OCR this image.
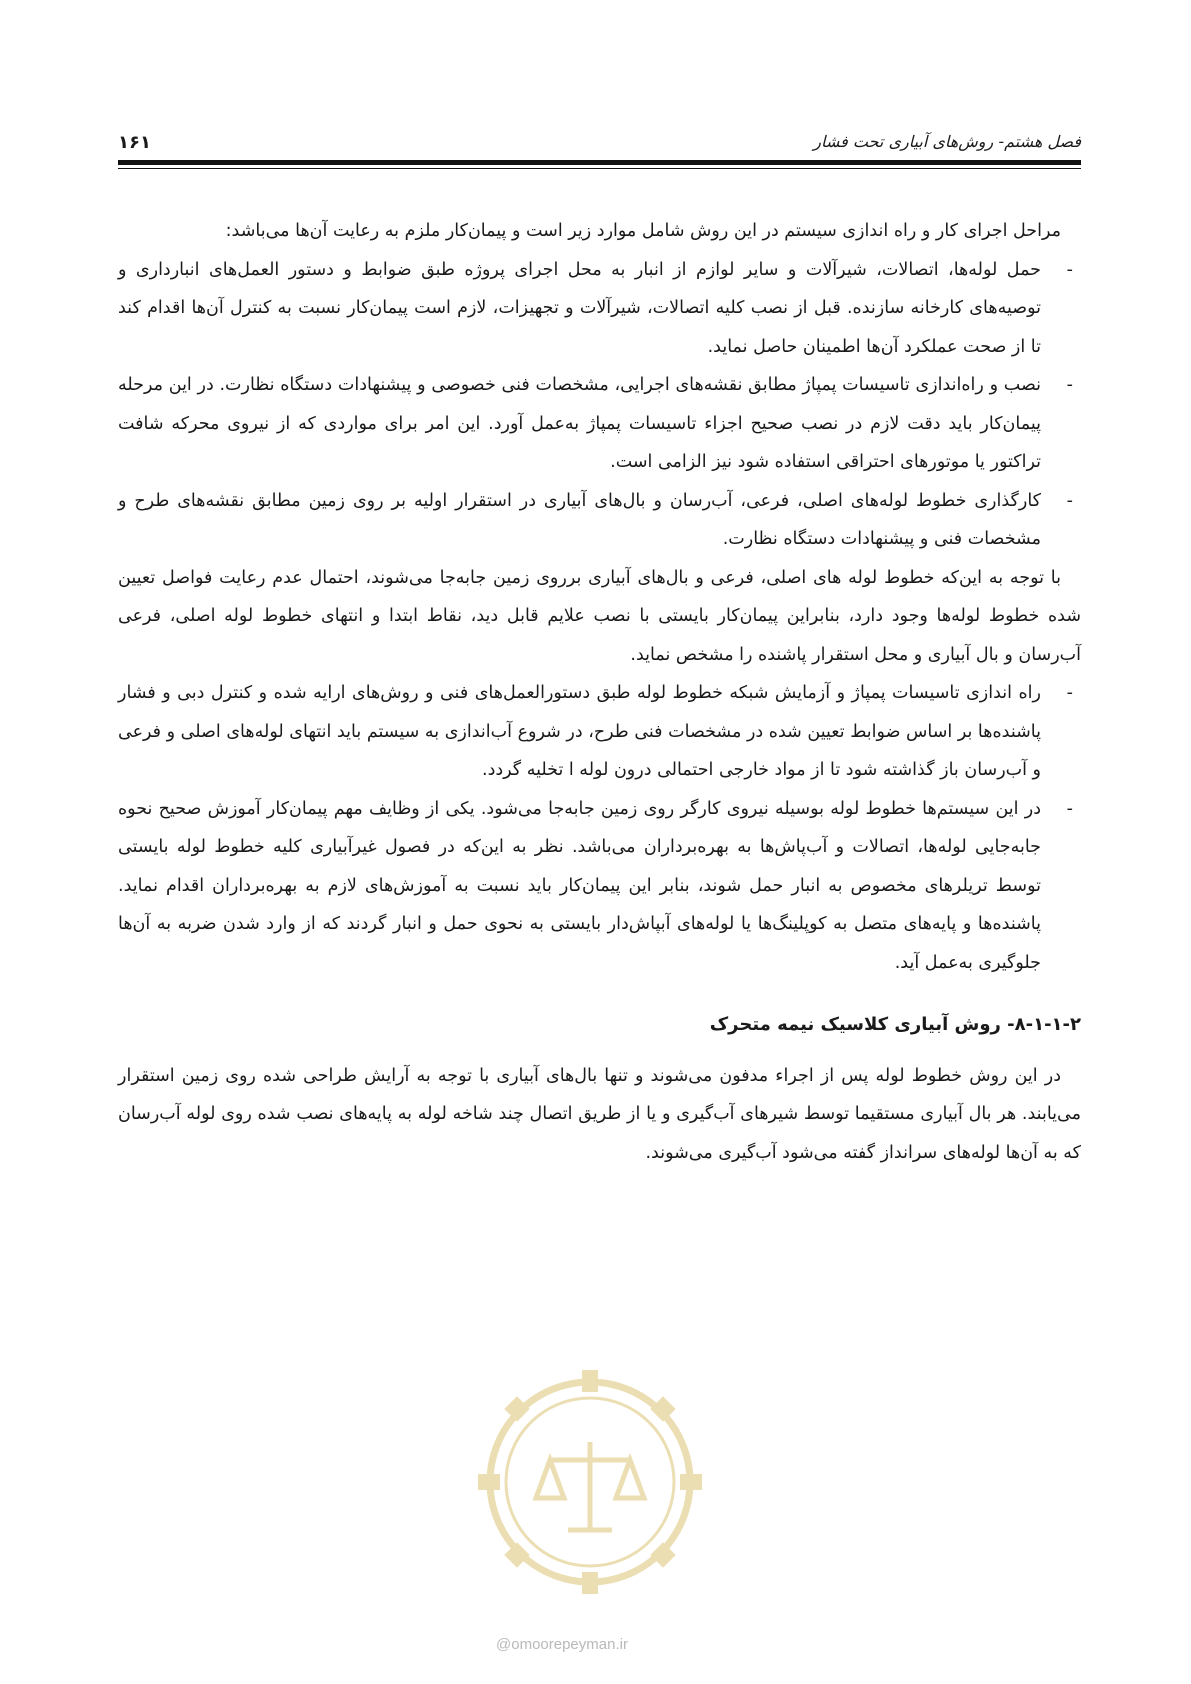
فصل هشتم- روش‌های آبیاری تحت فشار
۱۶۱

مراحل اجرای کار و راه اندازی سیستم در این روش شامل موارد زیر است و پیمان‌کار ملزم به رعایت آن‌ها می‌باشد:

-
حمل لوله‌ها، اتصالات، شیرآلات و سایر لوازم از انبار به محل اجرای پروژه طبق ضوابط و دستور العمل‌های انبارداری و توصیه‌های کارخانه سازنده. قبل از نصب کلیه اتصالات، شیرآلات و تجهیزات، لازم است پیمان‌کار نسبت به کنترل آن‌ها اقدام کند تا از صحت عملکرد آن‌ها اطمینان حاصل نماید.
-
نصب و راه‌اندازی تاسیسات پمپاژ مطابق نقشه‌های اجرایی، مشخصات فنی خصوصی و پیشنهادات دستگاه نظارت. در این مرحله پیمان‌کار باید دقت لازم در نصب صحیح اجزاء تاسیسات پمپاژ به‌عمل آورد. این امر برای مواردی که از نیروی محرکه شافت تراکتور یا موتورهای احتراقی استفاده شود نیز الزامی است.
-
کارگذاری خطوط لوله‌های اصلی، فرعی، آب‌رسان و بال‌های آبیاری در استقرار اولیه بر روی زمین مطابق نقشه‌های طرح و مشخصات فنی و پیشنهادات دستگاه نظارت.

با توجه به این‌که خطوط لوله های اصلی، فرعی و بال‌های آبیاری برروی زمین جابه‌جا می‌شوند، احتمال عدم رعایت فواصل تعیین شده خطوط لوله‌ها وجود دارد، بنابراین پیمان‌کار بایستی با نصب علایم قابل دید، نقاط ابتدا و انتهای خطوط لوله اصلی، فرعی آب‌رسان و بال آبیاری و محل استقرار پاشنده را مشخص نماید.

-
راه اندازی تاسیسات پمپاژ و آزمایش شبکه خطوط لوله طبق دستورالعمل‌های فنی و روش‌های ارایه شده و کنترل دبی و فشار پاشنده‌ها بر اساس ضوابط تعیین شده در مشخصات فنی طرح، در شروع آب‌اندازی به سیستم باید انتهای لوله‌های اصلی و فرعی و آب‌رسان باز گذاشته شود تا از مواد خارجی احتمالی درون لوله ا تخلیه گردد.
-
در این سیستم‌ها خطوط لوله بوسیله نیروی کارگر روی زمین جابه‌جا می‌شود. یکی از وظایف مهم پیمان‌کار آموزش صحیح نحوه جابه‌جایی لوله‌ها، اتصالات و آب‌پاش‌ها به بهره‌برداران می‌باشد. نظر به این‌که در فصول غیرآبیاری کلیه خطوط لوله بایستی توسط تریلرهای مخصوص به انبار حمل شوند، بنابر این پیمان‌کار باید نسبت به آموزش‌های لازم به بهره‌برداران اقدام نماید. پاشنده‌ها و پایه‌های متصل به کوپلینگ‌ها یا لوله‌های آبپاش‌دار بایستی به نحوی حمل و انبار گردند که از وارد شدن ضربه به آن‌ها جلوگیری به‌عمل آید.

۸-۱-۱-۲- روش آبیاری کلاسیک نیمه متحرک

در این روش خطوط لوله پس از اجراء مدفون می‌شوند و تنها بال‌های آبیاری با توجه به آرایش طراحی شده روی زمین استقرار می‌یابند. هر بال آبیاری مستقیما توسط شیرهای آب‌گیری و یا از طریق اتصال چند شاخه لوله به پایه‌های نصب شده روی لوله آب‌رسان که به آن‌ها لوله‌های سرانداز گفته می‌شود آب‌گیری می‌شوند.

@omoorepeyman.ir
